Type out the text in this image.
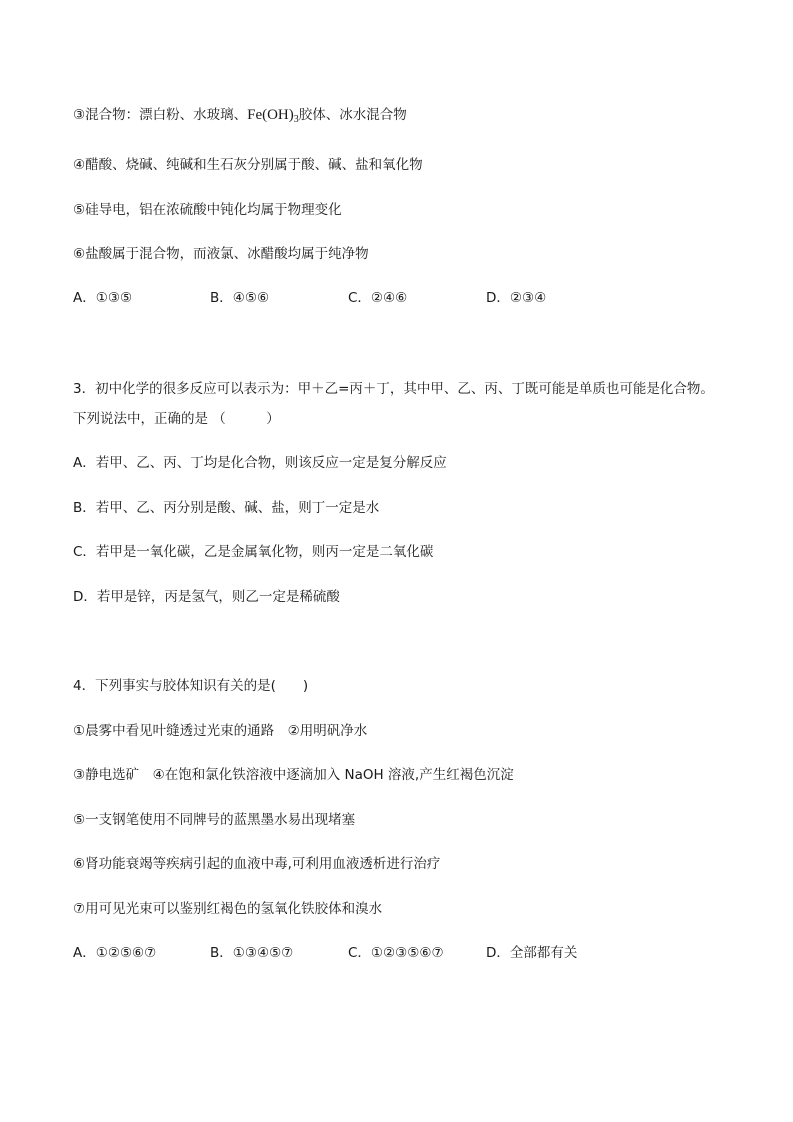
③混合物：漂白粉、水玻璃、$Fe(OH)_3$胶体、冰水混合物
④醋酸、烧碱、纯碱和生石灰分别属于酸、碱、盐和氧化物
⑤硅导电，铝在浓硫酸中钝化均属于物理变化
⑥盐酸属于混合物，而液氯、冰醋酸均属于纯净物
A．①③⑤	B．④⑤⑥	C．②④⑥	D．②③④
3．初中化学的很多反应可以表示为：甲＋乙=丙＋丁，其中甲、乙、丙、丁既可能是单质也可能是化合物。
下列说法中，正确的是 （　　　）
A．若甲、乙、丙、丁均是化合物，则该反应一定是复分解反应
B．若甲、乙、丙分别是酸、碱、盐，则丁一定是水
C．若甲是一氧化碳，乙是金属氧化物，则丙一定是二氧化碳
D．若甲是锌，丙是氢气，则乙一定是稀硫酸
4．下列事实与胶体知识有关的是(　　)
①晨雾中看见叶缝透过光束的通路　②用明矾净水
③静电选矿　④在饱和氯化铁溶液中逐滴加入 NaOH 溶液,产生红褐色沉淀
⑤一支钢笔使用不同牌号的蓝黑墨水易出现堵塞
⑥肾功能衰竭等疾病引起的血液中毒,可利用血液透析进行治疗
⑦用可见光束可以鉴别红褐色的氢氧化铁胶体和溴水
A．①②⑤⑥⑦	B．①③④⑤⑦	C．①②③⑤⑥⑦	D．全部都有关
